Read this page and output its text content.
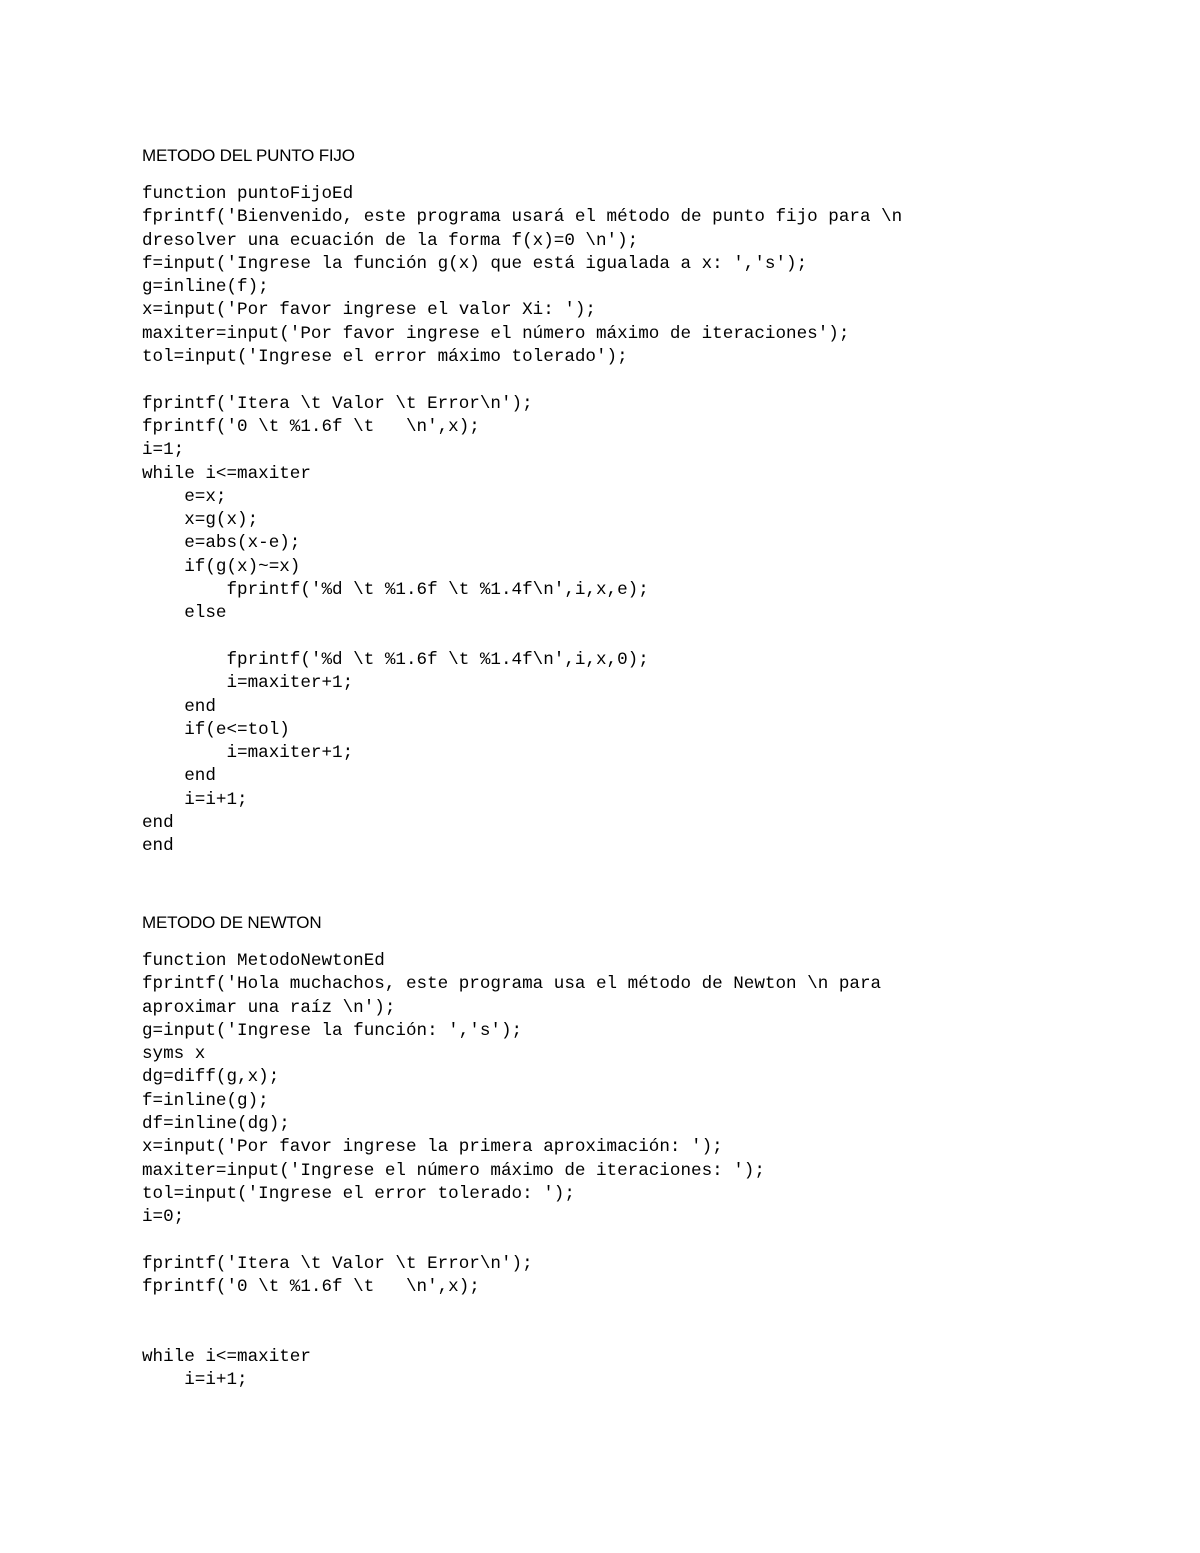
METODO DEL PUNTO FIJO
function puntoFijoEd
fprintf('Bienvenido, este programa usará el método de punto fijo para \n
dresolver una ecuación de la forma f(x)=0 \n');
f=input('Ingrese la función g(x) que está igualada a x: ','s');
g=inline(f);
x=input('Por favor ingrese el valor Xi: ');
maxiter=input('Por favor ingrese el número máximo de iteraciones');
tol=input('Ingrese el error máximo tolerado');
fprintf('Itera \t Valor \t Error\n');
fprintf('0 \t %1.6f \t   \n',x);
i=1;
while i<=maxiter
e=x;
x=g(x);
e=abs(x-e);
if(g(x)~=x)
fprintf('%d \t %1.6f \t %1.4f\n',i,x,e);
else
fprintf('%d \t %1.6f \t %1.4f\n',i,x,0);
i=maxiter+1;
end
if(e<=tol)
i=maxiter+1;
end
i=i+1;
end
end
METODO DE NEWTON
function MetodoNewtonEd
fprintf('Hola muchachos, este programa usa el método de Newton \n para
aproximar una raíz \n');
g=input('Ingrese la función: ','s');
syms x
dg=diff(g,x);
f=inline(g);
df=inline(dg);
x=input('Por favor ingrese la primera aproximación: ');
maxiter=input('Ingrese el número máximo de iteraciones: ');
tol=input('Ingrese el error tolerado: ');
i=0;
fprintf('Itera \t Valor \t Error\n');
fprintf('0 \t %1.6f \t   \n',x);
while i<=maxiter
i=i+1;
